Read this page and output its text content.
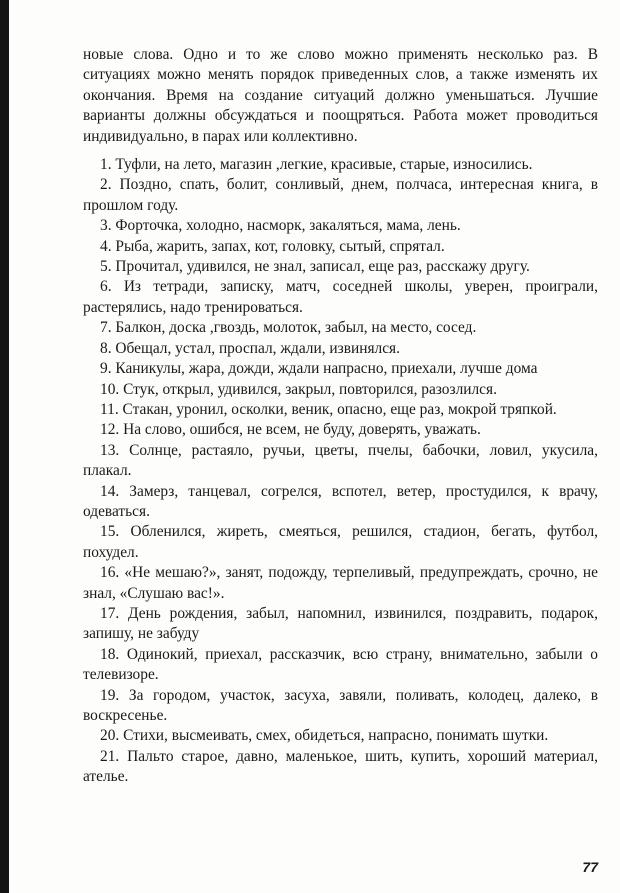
новые слова. Одно и то же слово можно применять несколько раз. В ситуациях можно менять порядок приведенных слов, а также изменять их окончания. Время на создание ситуаций должно уменьшаться. Лучшие варианты должны обсуждаться и поощряться. Работа может проводиться индивидуально, в парах или коллективно.

1. Туфли, на лето, магазин ,легкие, красивые, старые, износились.

2. Поздно, спать, болит, сонливый, днем, полчаса, интересная книга, в прошлом году.

3. Форточка, холодно, насморк, закаляться, мама, лень.

4. Рыба, жарить, запах, кот, головку, сытый, спрятал.

5. Прочитал, удивился, не знал, записал, еще раз, расскажу другу.

6. Из тетради, записку, матч, соседней школы, уверен, проиграли, растерялись, надо тренироваться.

7. Балкон, доска ,гвоздь, молоток, забыл, на место, сосед.

8. Обещал, устал, проспал, ждали, извинялся.

9. Каникулы, жара, дожди, ждали напрасно, приехали, лучше дома

10. Стук, открыл, удивился, закрыл, повторился, разозлился.

11. Стакан, уронил, осколки, веник, опасно, еще раз, мокрой тряпкой.

12. На слово, ошибся, не всем, не буду, доверять, уважать.

13. Солнце, растаяло, ручьи, цветы, пчелы, бабочки, ловил, укусила, плакал.

14. Замерз, танцевал, согрелся, вспотел, ветер, простудился, к врачу, одеваться.

15. Обленился, жиреть, смеяться, решился, стадион, бегать, футбол, похудел.

16. «Не мешаю?», занят, подожду, терпеливый, предупреждать, срочно, не знал, «Слушаю вас!».

17. День рождения, забыл, напомнил, извинился, поздравить, подарок, запишу, не забуду

18. Одинокий, приехал, рассказчик, всю страну, внимательно, забыли о телевизоре.

19. За городом, участок, засуха, завяли, поливать, колодец, далеко, в воскресенье.

20. Стихи, высмеивать, смех, обидеться, напрасно, понимать шутки.

21. Пальто старое, давно, маленькое, шить, купить, хороший материал, ателье.

77
